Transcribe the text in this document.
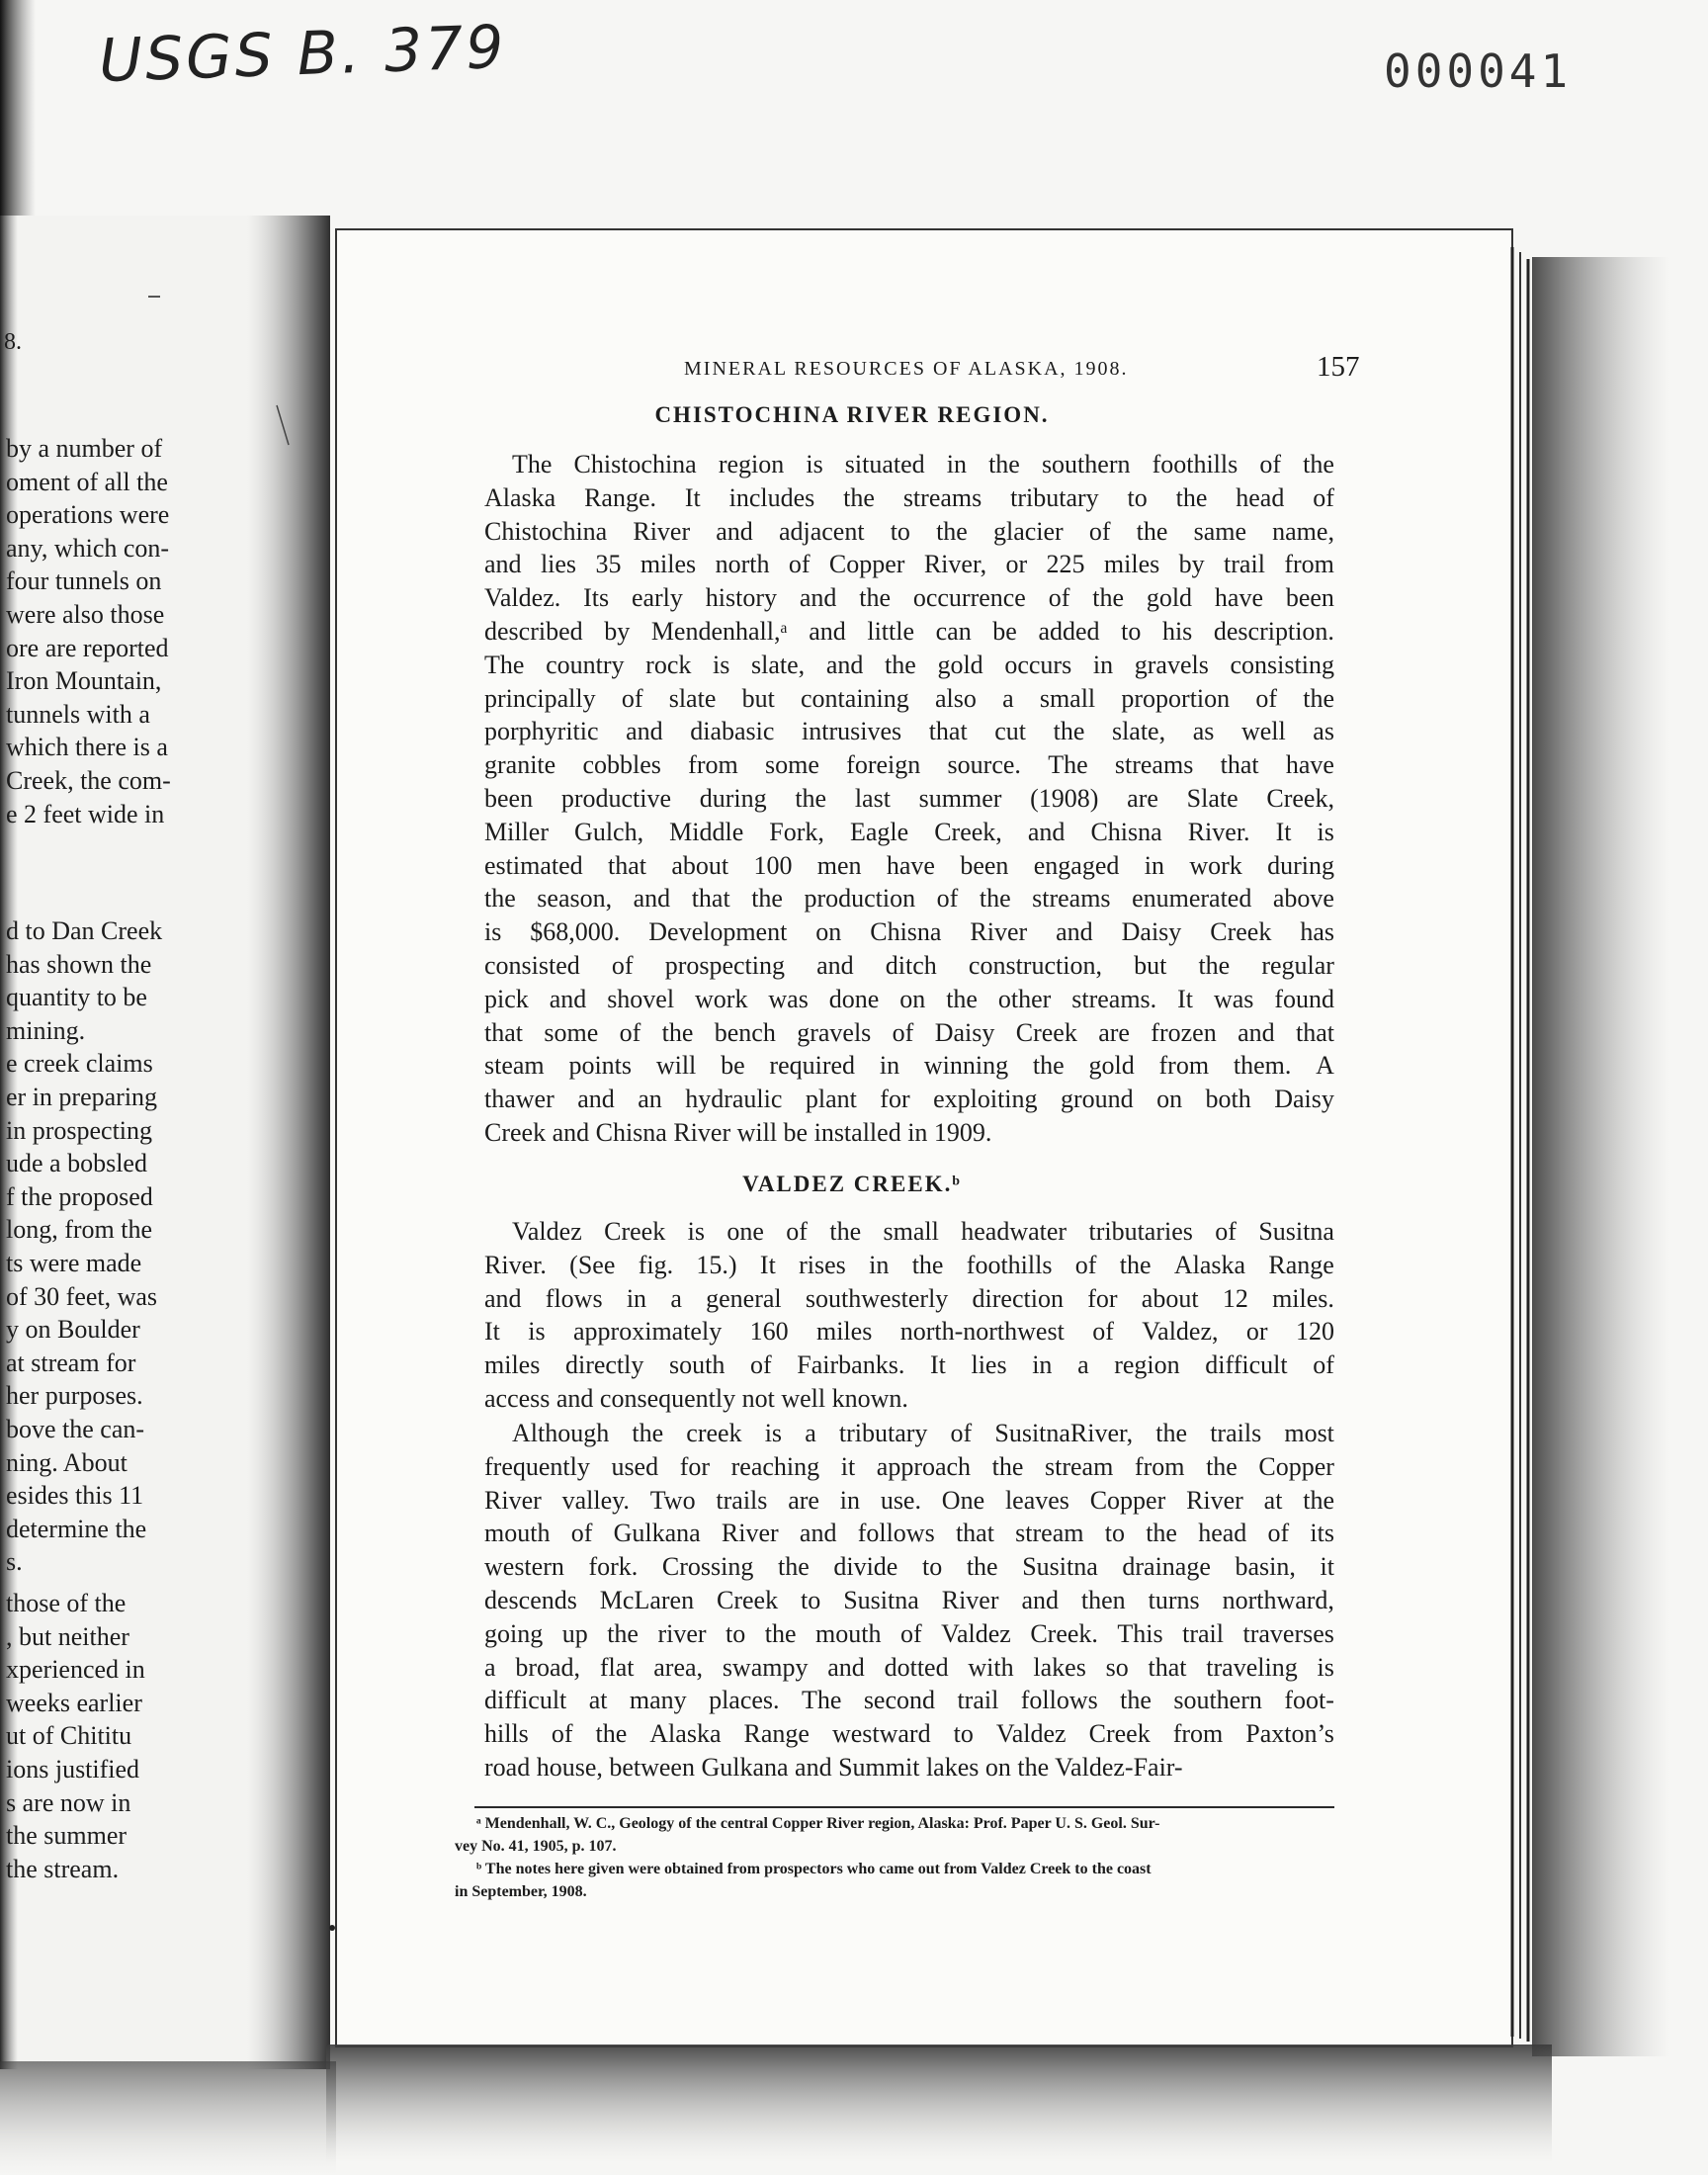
USGS B. 379	000041
8.
by a number of
oment of all the
operations were
any, which con-
four tunnels on
were also those
ore are reported
Iron Mountain,
tunnels with a
which there is a
Creek, the com-
e 2 feet wide in
d to Dan Creek
has shown the
quantity to be
mining.
e creek claims
er in preparing
in prospecting
ude a bobsled
f the proposed
long, from the
ts were made
of 30 feet, was
y on Boulder
at stream for
her purposes.
bove the can-
ning. About
esides this 11
determine the
s.
those of the
, but neither
xperienced in
weeks earlier
ut of Chititu
ions justified
s are now in
the summer
the stream.
MINERAL RESOURCES OF ALASKA, 1908.	157
CHISTOCHINA RIVER REGION.
The Chistochina region is situated in the southern foothills of the
Alaska Range. It includes the streams tributary to the head of
Chistochina River and adjacent to the glacier of the same name,
and lies 35 miles north of Copper River, or 225 miles by trail from
Valdez. Its early history and the occurrence of the gold have been
described by Mendenhall,ᵃ and little can be added to his description.
The country rock is slate, and the gold occurs in gravels consisting
principally of slate but containing also a small proportion of the
porphyritic and diabasic intrusives that cut the slate, as well as
granite cobbles from some foreign source. The streams that have
been productive during the last summer (1908) are Slate Creek,
Miller Gulch, Middle Fork, Eagle Creek, and Chisna River. It is
estimated that about 100 men have been engaged in work during
the season, and that the production of the streams enumerated above
is $68,000. Development on Chisna River and Daisy Creek has
consisted of prospecting and ditch construction, but the regular
pick and shovel work was done on the other streams. It was found
that some of the bench gravels of Daisy Creek are frozen and that
steam points will be required in winning the gold from them. A
thawer and an hydraulic plant for exploiting ground on both Daisy
Creek and Chisna River will be installed in 1909.
VALDEZ CREEK.ᵇ
Valdez Creek is one of the small headwater tributaries of Susitna
River. (See fig. 15.) It rises in the foothills of the Alaska Range
and flows in a general southwesterly direction for about 12 miles.
It is approximately 160 miles north-northwest of Valdez, or 120
miles directly south of Fairbanks. It lies in a region difficult of
access and consequently not well known.
Although the creek is a tributary of SusitnaRiver, the trails most
frequently used for reaching it approach the stream from the Copper
River valley. Two trails are in use. One leaves Copper River at the
mouth of Gulkana River and follows that stream to the head of its
western fork. Crossing the divide to the Susitna drainage basin, it
descends McLaren Creek to Susitna River and then turns northward,
going up the river to the mouth of Valdez Creek. This trail traverses
a broad, flat area, swampy and dotted with lakes so that traveling is
difficult at many places. The second trail follows the southern foot-
hills of the Alaska Range westward to Valdez Creek from Paxton’s
road house, between Gulkana and Summit lakes on the Valdez-Fair-
ᵃ Mendenhall, W. C., Geology of the central Copper River region, Alaska: Prof. Paper U. S. Geol. Sur-
vey No. 41, 1905, p. 107.
ᵇ The notes here given were obtained from prospectors who came out from Valdez Creek to the coast
in September, 1908.
